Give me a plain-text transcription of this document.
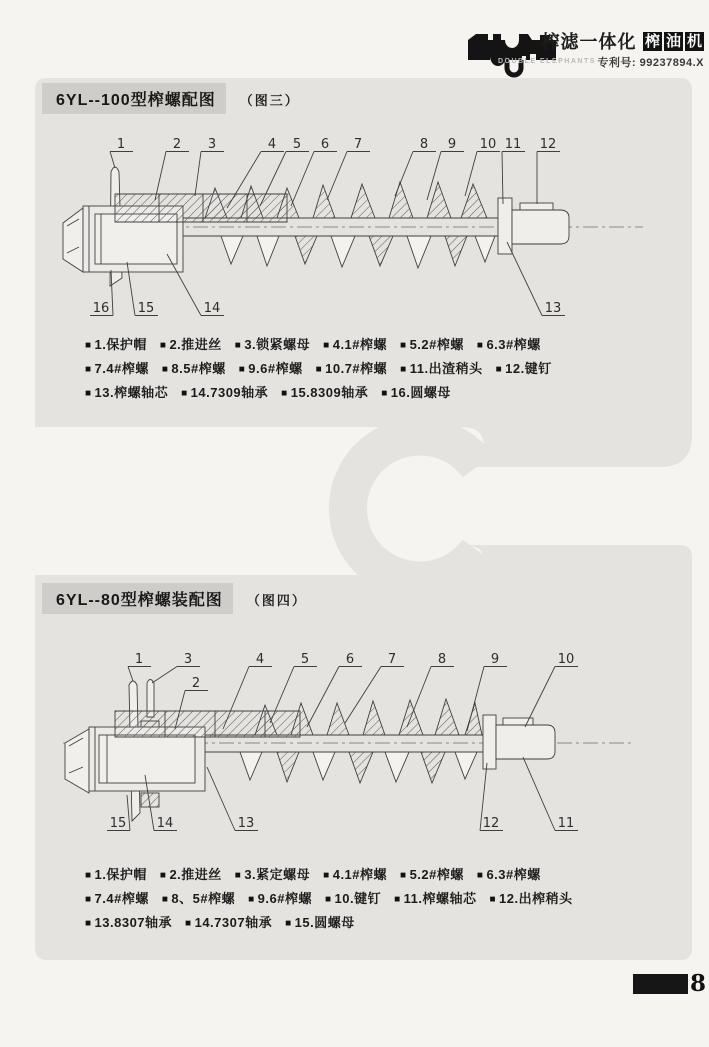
DOUBLE ELEPHANTS
榨滤一体化 榨 油 机
专利号: 99237894.X
6YL--100型榨螺配图 （图三）
1	2 3	4 5 6 7	8 9 10 11 12
16 15	14	13
■ 1.保护帽 ■ 2.推进丝 ■ 3.锁紧螺母 ■ 4.1#榨螺 ■ 5.2#榨螺 ■ 6.3#榨螺
■ 7.4#榨螺 ■ 8.5#榨螺 ■ 9.6#榨螺 ■ 10.7#榨螺 ■ 11.出渣稍头 ■ 12.键钉
■ 13.榨螺轴芯 ■ 14.7309轴承 ■ 15.8309轴承 ■ 16.圆螺母
6YL--80型榨螺装配图 （图四）
1	3
2
4	5	6	7	8	9	10
15 14	13	12	11
■ 1.保护帽 ■ 2.推进丝 ■ 3.紧定螺母 ■ 4.1#榨螺 ■ 5.2#榨螺 ■ 6.3#榨螺
■ 7.4#榨螺 ■ 8、5#榨螺 ■ 9.6#榨螺 ■ 10.键钉 ■ 11.榨螺轴芯 ■ 12.出榨稍头
■ 13.8307轴承 ■ 14.7307轴承 ■ 15.圆螺母
8
